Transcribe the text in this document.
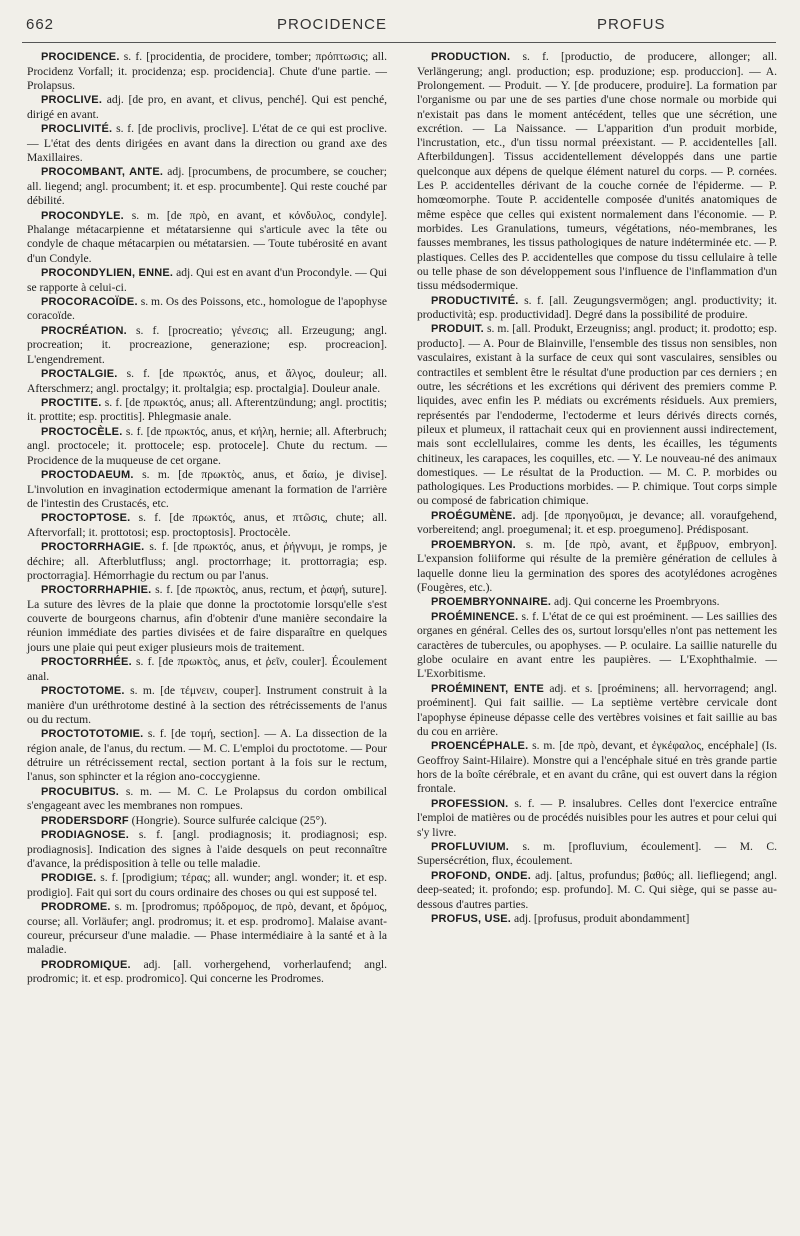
662	PROCIDENCE	PROFUS

PROCIDENCE. s. f. [procidentia, de procidere, tomber; πρόπτωσις; all. Procidenz Vorfall; it. procidenza; esp. procidencia]. Chute d'une partie. — Prolapsus.

PROCLIVE. adj. [de pro, en avant, et clivus, penché]. Qui est penché, dirigé en avant.

PROCLIVITÉ. s. f. [de proclivis, proclive]. L'état de ce qui est proclive. — L'état des dents dirigées en avant dans la direction ou grand axe des Maxillaires.

PROCOMBANT, ANTE. adj. [procumbens, de procumbere, se coucher; all. liegend; angl. procumbent; it. et esp. procumbente]. Qui reste couché par débilité.

PROCONDYLE. s. m. [de πρὸ, en avant, et κόνδυλος, condyle]. Phalange métacarpienne et métatarsienne qui s'articule avec la tête ou condyle de chaque métacarpien ou métatarsien. — Toute tubérosité en avant d'un Condyle.

PROCONDYLIEN, ENNE. adj. Qui est en avant d'un Procondyle. — Qui se rapporte à celui-ci.

PROCORACOÏDE. s. m. Os des Poissons, etc., homologue de l'apophyse coracoïde.

PROCRÉATION. s. f. [procreatio; γένεσις; all. Erzeugung; angl. procreation; it. procreazione, generazione; esp. procreacion]. L'engendrement.

PROCTALGIE. s. f. [de πρωκτός, anus, et ἄλγος, douleur; all. Afterschmerz; angl. proctalgy; it. proltalgia; esp. proctalgia]. Douleur anale.

PROCTITE. s. f. [de πρωκτός, anus; all. Afterentzündung; angl. proctitis; it. prottite; esp. proctitis]. Phlegmasie anale.

PROCTOCÈLE. s. f. [de πρωκτός, anus, et κήλη, hernie; all. Afterbruch; angl. proctocele; it. prottocele; esp. protocele]. Chute du rectum. — Procidence de la muqueuse de cet organe.

PROCTODAEUM. s. m. [de πρωκτὸς, anus, et δαίω, je divise]. L'involution en invagination ectodermique amenant la formation de l'arrière de l'intestin des Crustacés, etc.

PROCTOPTOSE. s. f. [de πρωκτός, anus, et πτῶσις, chute; all. Aftervorfall; it. prottotosi; esp. proctoptosis]. Proctocèle.

PROCTORRHAGIE. s. f. [de πρωκτός, anus, et ῥήγνυμι, je romps, je déchire; all. Afterblutfluss; angl. proctorrhage; it. prottorragia; esp. proctorragia]. Hémorrhagie du rectum ou par l'anus.

PROCTORRHAPHIE. s. f. [de πρωκτὸς, anus, rectum, et ῥαφή, suture]. La suture des lèvres de la plaie que donne la proctotomie lorsqu'elle s'est couverte de bourgeons charnus, afin d'obtenir d'une manière secondaire la réunion immédiate des parties divisées et de faire disparaître en quelques jours une plaie qui peut exiger plusieurs mois de traitement.

PROCTORRHÉE. s. f. [de πρωκτὸς, anus, et ῥεῖν, couler]. Écoulement anal.

PROCTOTOME. s. m. [de τέμνειν, couper]. Instrument construit à la manière d'un uréthrotome destiné à la section des rétrécissements de l'anus ou du rectum.

PROCTOTOTOMIE. s. f. [de τομή, section]. — A. La dissection de la région anale, de l'anus, du rectum. — M. C. L'emploi du proctotome. — Pour détruire un rétrécissement rectal, section portant à la fois sur le rectum, l'anus, son sphincter et la région ano-coccygienne.

PROCUBITUS. s. m. — M. C. Le Prolapsus du cordon ombilical s'engageant avec les membranes non rompues.

PRODERSDORF (Hongrie). Source sulfurée calcique (25°).

PRODIAGNOSE. s. f. [angl. prodiagnosis; it. prodiagnosi; esp. prodiagnosis]. Indication des signes à l'aide desquels on peut reconnaître d'avance, la prédisposition à telle ou telle maladie.

PRODIGE. s. f. [prodigium; τέρας; all. wunder; angl. wonder; it. et esp. prodigio]. Fait qui sort du cours ordinaire des choses ou qui est supposé tel.

PRODROME. s. m. [prodromus; πρόδρομος, de πρὸ, devant, et δρόμος, course; all. Vorläufer; angl. prodromus; it. et esp. prodromo]. Malaise avant-coureur, précurseur d'une maladie. — Phase intermédiaire à la santé et à la maladie.

PRODROMIQUE. adj. [all. vorhergehend, vorherlaufend; angl. prodromic; it. et esp. prodromico]. Qui concerne les Prodromes.

PRODUCTION. s. f. [productio, de producere, allonger; all. Verlängerung; angl. production; esp. produzione; esp. produccion]. — A. Prolongement. — Produit. — Y. [de producere, produire]. La formation par l'organisme ou par une de ses parties d'une chose normale ou morbide qui n'existait pas dans le moment antécédent, telles que une sécrétion, une excrétion. — La Naissance. — L'apparition d'un produit morbide, l'incrustation, etc., d'un tissu normal préexistant. — P. accidentelles [all. Afterbildungen]. Tissus accidentellement développés dans une partie quelconque aux dépens de quelque élément naturel du corps. — P. cornées. Les P. accidentelles dérivant de la couche cornée de l'épiderme. — P. homœomorphe. Toute P. accidentelle composée d'unités anatomiques de même espèce que celles qui existent normalement dans l'économie. — P. morbides. Les Granulations, tumeurs, végétations, néo-membranes, les fausses membranes, les tissus pathologiques de nature indéterminée etc. — P. plastiques. Celles des P. accidentelles que compose du tissu cellulaire à telle ou telle phase de son développement sous l'influence de l'inflammation d'un tissu médsodermique.

PRODUCTIVITÉ. s. f. [all. Zeugungsvermögen; angl. productivity; it. productività; esp. productividad]. Degré dans la possibilité de produire.

PRODUIT. s. m. [all. Produkt, Erzeugniss; angl. product; it. prodotto; esp. producto]. — A. Pour de Blainville, l'ensemble des tissus non sensibles, non vasculaires, existant à la surface de ceux qui sont vasculaires, sensibles ou contractiles et semblent être le résultat d'une production par ces derniers ; en outre, les sécrétions et les excrétions qui dérivent des premiers comme P. liquides, avec enfin les P. médiats ou excréments résiduels. Aux premiers, représentés par l'endoderme, l'ectoderme et leurs dérivés directs cornés, pileux et plumeux, il rattachait ceux qui en proviennent aussi indirectement, mais sont ecclellulaires, comme les dents, les écailles, les téguments chitineux, les carapaces, les coquilles, etc. — Y. Le nouveau-né des animaux domestiques. — Le résultat de la Production. — M. C. P. morbides ou pathologiques. Les Productions morbides. — P. chimique. Tout corps simple ou composé de fabrication chimique.

PROÉGUMÈNE. adj. [de προηγοῦμαι, je devance; all. voraufgehend, vorbereitend; angl. proegumenal; it. et esp. proegumeno]. Prédisposant.

PROEMBRYON. s. m. [de πρὸ, avant, et ἔμβρυον, embryon]. L'expansion foliiforme qui résulte de la première génération de cellules à laquelle donne lieu la germination des spores des acotylédones acrogènes (Fougères, etc.).

PROEMBRYONNAIRE. adj. Qui concerne les Proembryons.

PROÉMINENCE. s. f. L'état de ce qui est proéminent. — Les saillies des organes en général. Celles des os, surtout lorsqu'elles n'ont pas nettement les caractères de tubercules, ou apophyses. — P. oculaire. La saillie naturelle du globe oculaire en avant entre les paupières. — L'Exophthalmie. — L'Exorbitisme.

PROÉMINENT, ENTE adj. et s. [proéminens; all. hervorragend; angl. proéminent]. Qui fait saillie. — La septième vertèbre cervicale dont l'apophyse épineuse dépasse celle des vertèbres voisines et fait saillie au bas du cou en arrière.

PROENCÉPHALE. s. m. [de πρὸ, devant, et ἐγκέφαλος, encéphale] (Is. Geoffroy Saint-Hilaire). Monstre qui a l'encéphale situé en très grande partie hors de la boîte cérébrale, et en avant du crâne, qui est ouvert dans la région frontale.

PROFESSION. s. f. — P. insalubres. Celles dont l'exercice entraîne l'emploi de matières ou de procédés nuisibles pour les autres et pour celui qui s'y livre.

PROFLUVIUM. s. m. [profluvium, écoulement]. — M. C. Supersécrétion, flux, écoulement.

PROFOND, ONDE. adj. [altus, profundus; βαθύς; all. liefliegend; angl. deep-seated; it. profondo; esp. profundo]. M. C. Qui siège, qui se passe au-dessous d'autres parties.

PROFUS, USE. adj. [profusus, produit abondamment]
